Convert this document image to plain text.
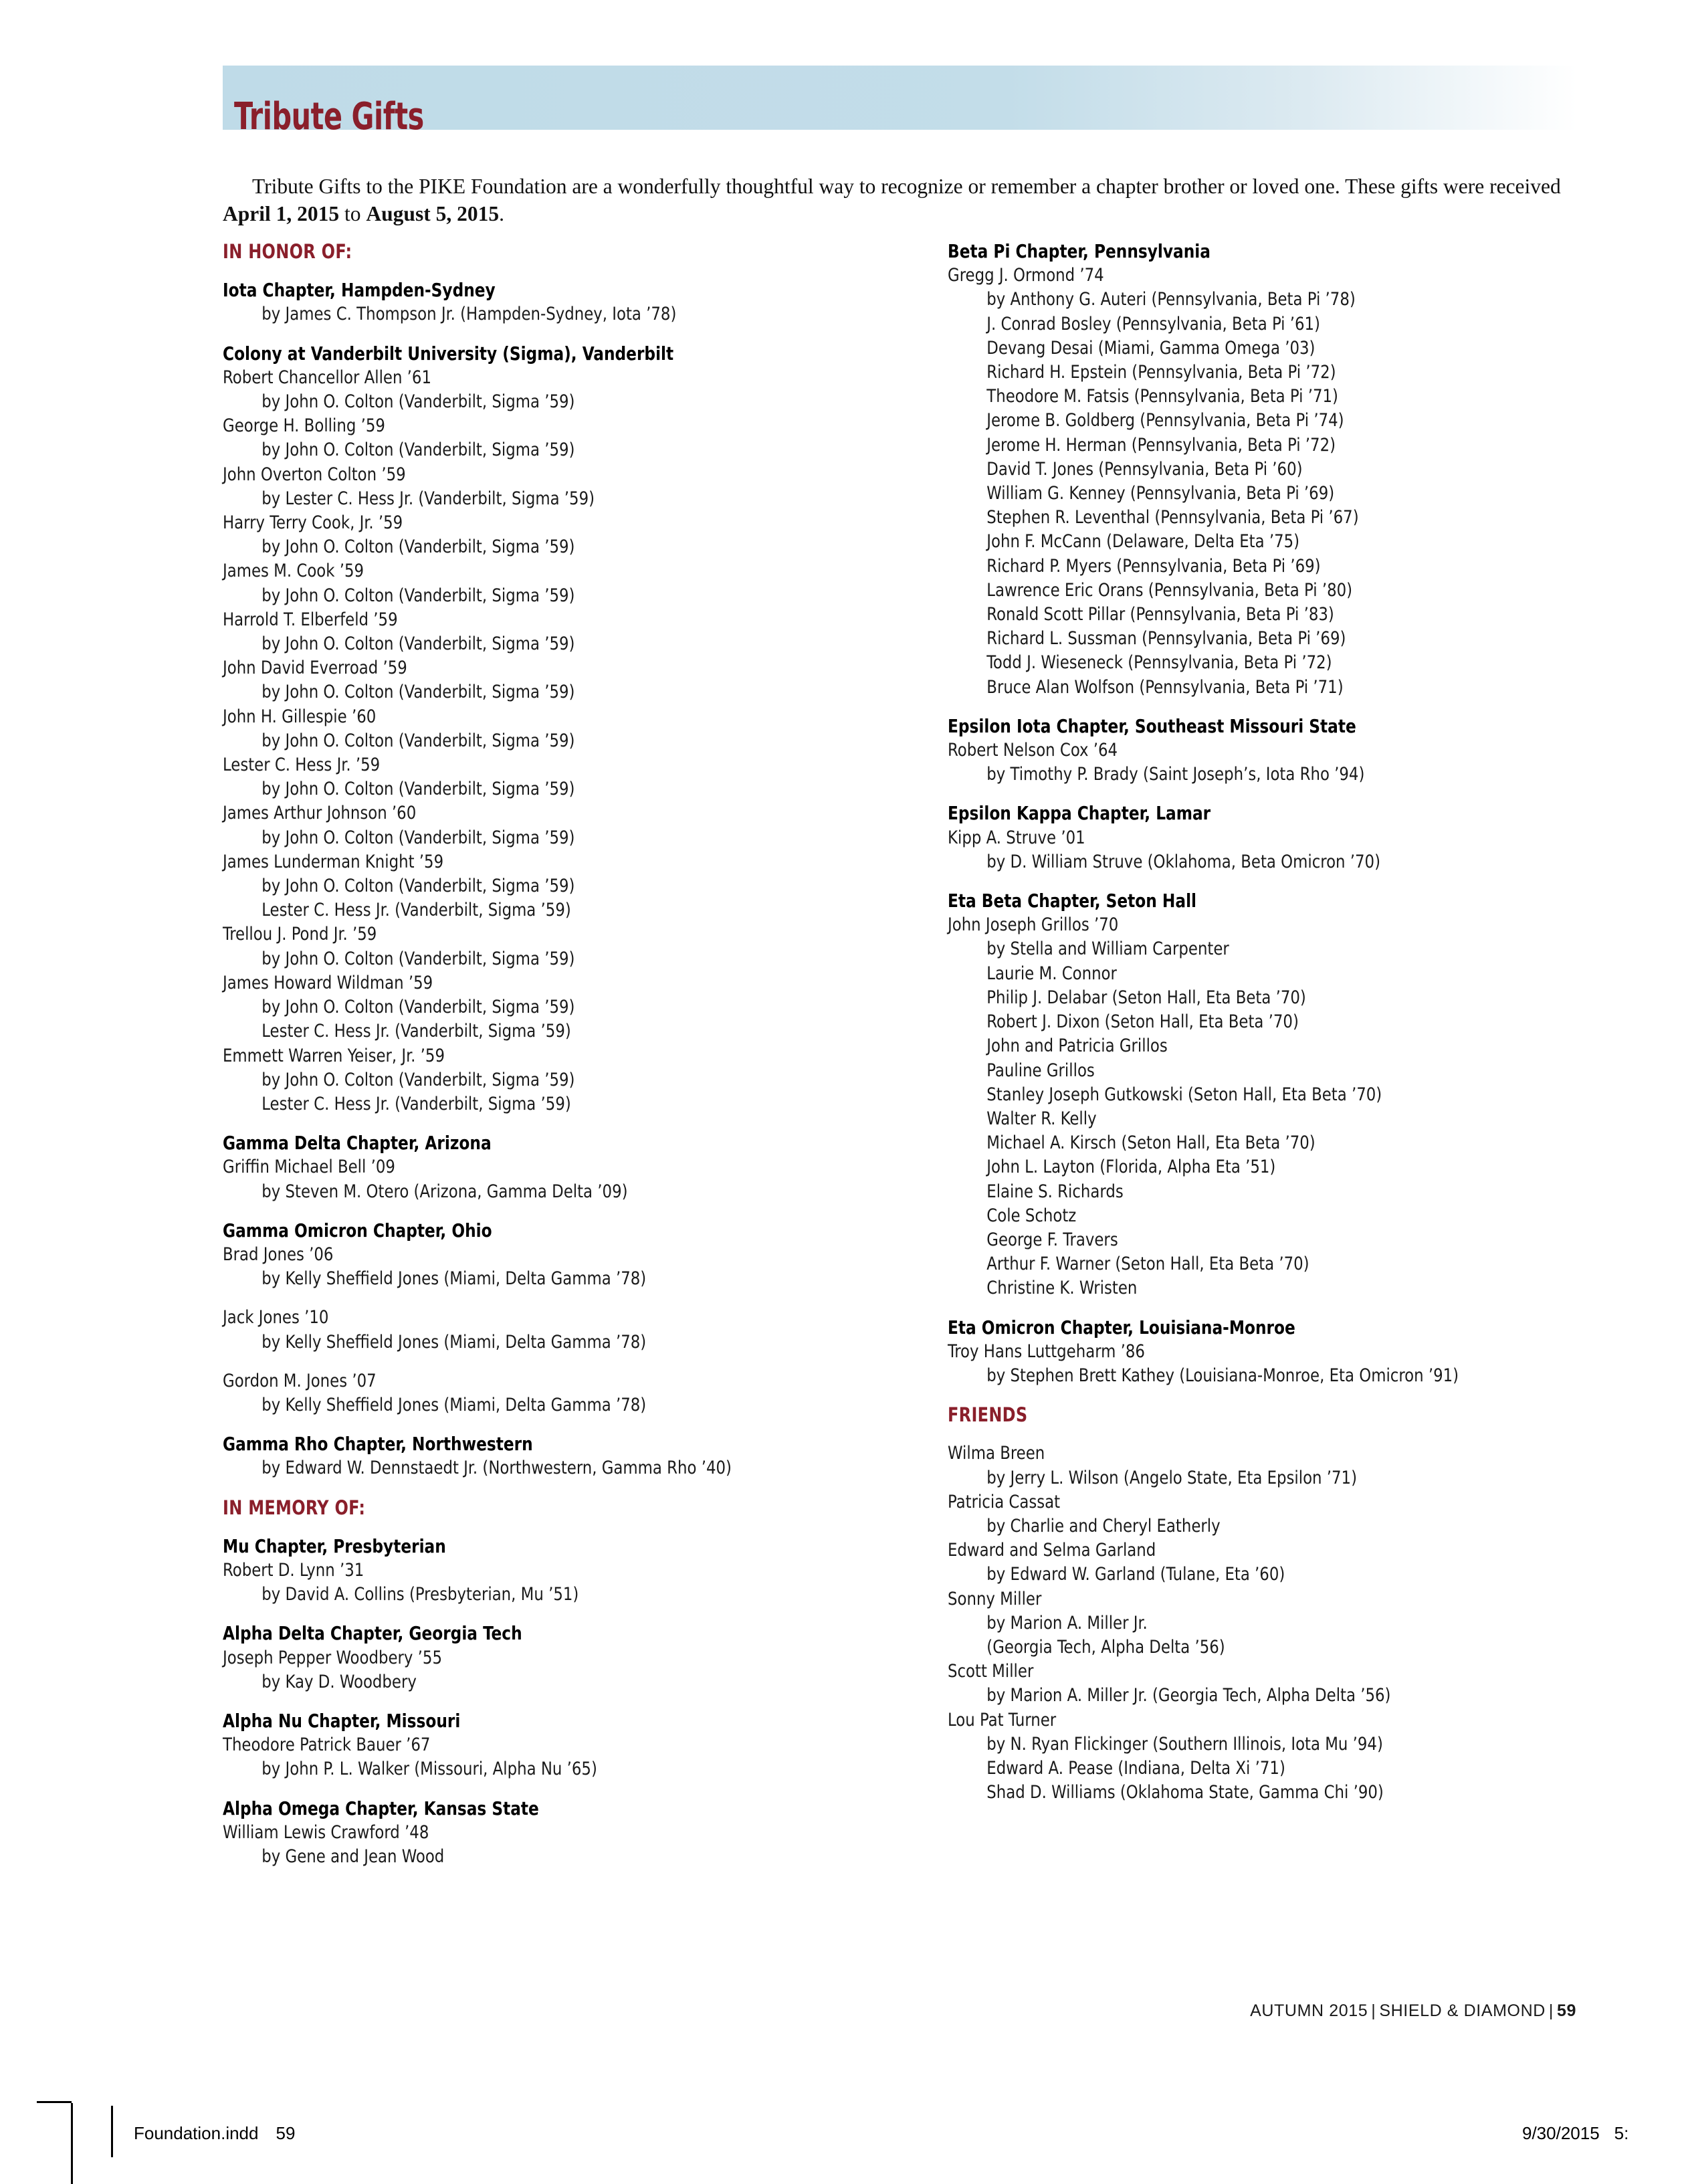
Tribute Gifts

Tribute Gifts to the PIKE Foundation are a wonderfully thoughtful way to recognize or remember a chapter brother or loved one. These gifts were received April 1, 2015 to August 5, 2015.

IN HONOR OF:
Iota Chapter, Hampden-Sydney
by James C. Thompson Jr. (Hampden-Sydney, Iota ’78)
Colony at Vanderbilt University (Sigma), Vanderbilt
Robert Chancellor Allen ’61
by John O. Colton (Vanderbilt, Sigma ’59)
George H. Bolling ’59
by John O. Colton (Vanderbilt, Sigma ’59)
John Overton Colton ’59
by Lester C. Hess Jr. (Vanderbilt, Sigma ’59)
Harry Terry Cook, Jr. ’59
by John O. Colton (Vanderbilt, Sigma ’59)
James M. Cook ’59
by John O. Colton (Vanderbilt, Sigma ’59)
Harrold T. Elberfeld ’59
by John O. Colton (Vanderbilt, Sigma ’59)
John David Everroad ’59
by John O. Colton (Vanderbilt, Sigma ’59)
John H. Gillespie ’60
by John O. Colton (Vanderbilt, Sigma ’59)
Lester C. Hess Jr. ’59
by John O. Colton (Vanderbilt, Sigma ’59)
James Arthur Johnson ’60
by John O. Colton (Vanderbilt, Sigma ’59)
James Lunderman Knight ’59
by John O. Colton (Vanderbilt, Sigma ’59)
Lester C. Hess Jr. (Vanderbilt, Sigma ’59)
Trellou J. Pond Jr. ’59
by John O. Colton (Vanderbilt, Sigma ’59)
James Howard Wildman ’59
by John O. Colton (Vanderbilt, Sigma ’59)
Lester C. Hess Jr. (Vanderbilt, Sigma ’59)
Emmett Warren Yeiser, Jr. ’59
by John O. Colton (Vanderbilt, Sigma ’59)
Lester C. Hess Jr. (Vanderbilt, Sigma ’59)
Gamma Delta Chapter, Arizona
Griffin Michael Bell ’09
by Steven M. Otero (Arizona, Gamma Delta ’09)
Gamma Omicron Chapter, Ohio
Brad Jones ’06
by Kelly Sheffield Jones (Miami, Delta Gamma ’78)
Jack Jones ’10
by Kelly Sheffield Jones (Miami, Delta Gamma ’78)
Gordon M. Jones ’07
by Kelly Sheffield Jones (Miami, Delta Gamma ’78)
Gamma Rho Chapter, Northwestern
by Edward W. Dennstaedt Jr. (Northwestern, Gamma Rho ’40)
IN MEMORY OF:
Mu Chapter, Presbyterian
Robert D. Lynn ’31
by David A. Collins (Presbyterian, Mu ’51)
Alpha Delta Chapter, Georgia Tech
Joseph Pepper Woodbery ’55
by Kay D. Woodbery
Alpha Nu Chapter, Missouri
Theodore Patrick Bauer ’67
by John P. L. Walker (Missouri, Alpha Nu ’65)
Alpha Omega Chapter, Kansas State
William Lewis Crawford ’48
by Gene and Jean Wood
Beta Pi Chapter, Pennsylvania
Gregg J. Ormond ’74
by Anthony G. Auteri (Pennsylvania, Beta Pi ’78)
J. Conrad Bosley (Pennsylvania, Beta Pi ’61)
Devang Desai (Miami, Gamma Omega ’03)
Richard H. Epstein (Pennsylvania, Beta Pi ’72)
Theodore M. Fatsis (Pennsylvania, Beta Pi ’71)
Jerome B. Goldberg (Pennsylvania, Beta Pi ’74)
Jerome H. Herman (Pennsylvania, Beta Pi ’72)
David T. Jones (Pennsylvania, Beta Pi ’60)
William G. Kenney (Pennsylvania, Beta Pi ’69)
Stephen R. Leventhal (Pennsylvania, Beta Pi ’67)
John F. McCann (Delaware, Delta Eta ’75)
Richard P. Myers (Pennsylvania, Beta Pi ’69)
Lawrence Eric Orans (Pennsylvania, Beta Pi ’80)
Ronald Scott Pillar (Pennsylvania, Beta Pi ’83)
Richard L. Sussman (Pennsylvania, Beta Pi ’69)
Todd J. Wieseneck (Pennsylvania, Beta Pi ’72)
Bruce Alan Wolfson (Pennsylvania, Beta Pi ’71)
Epsilon Iota Chapter, Southeast Missouri State
Robert Nelson Cox ’64
by Timothy P. Brady (Saint Joseph’s, Iota Rho ’94)
Epsilon Kappa Chapter, Lamar
Kipp A. Struve ’01
by D. William Struve (Oklahoma, Beta Omicron ’70)
Eta Beta Chapter, Seton Hall
John Joseph Grillos ’70
by Stella and William Carpenter
Laurie M. Connor
Philip J. Delabar (Seton Hall, Eta Beta ’70)
Robert J. Dixon (Seton Hall, Eta Beta ’70)
John and Patricia Grillos
Pauline Grillos
Stanley Joseph Gutkowski (Seton Hall, Eta Beta ’70)
Walter R. Kelly
Michael A. Kirsch (Seton Hall, Eta Beta ’70)
John L. Layton (Florida, Alpha Eta ’51)
Elaine S. Richards
Cole Schotz
George F. Travers
Arthur F. Warner (Seton Hall, Eta Beta ’70)
Christine K. Wristen
Eta Omicron Chapter, Louisiana-Monroe
Troy Hans Luttgeharm ’86
by Stephen Brett Kathey (Louisiana-Monroe, Eta Omicron ’91)
FRIENDS
Wilma Breen
by Jerry L. Wilson (Angelo State, Eta Epsilon ’71)
Patricia Cassat
by Charlie and Cheryl Eatherly
Edward and Selma Garland
by Edward W. Garland (Tulane, Eta ’60)
Sonny Miller
by Marion A. Miller Jr.
(Georgia Tech, Alpha Delta ’56)
Scott Miller
by Marion A. Miller Jr. (Georgia Tech, Alpha Delta ’56)
Lou Pat Turner
by N. Ryan Flickinger (Southern Illinois, Iota Mu ’94)
Edward A. Pease (Indiana, Delta Xi ’71)
Shad D. Williams (Oklahoma State, Gamma Chi ’90)
AUTUMN 2015 | SHIELD & DIAMOND | 59
Foundation.indd 59	9/30/2015 5:
